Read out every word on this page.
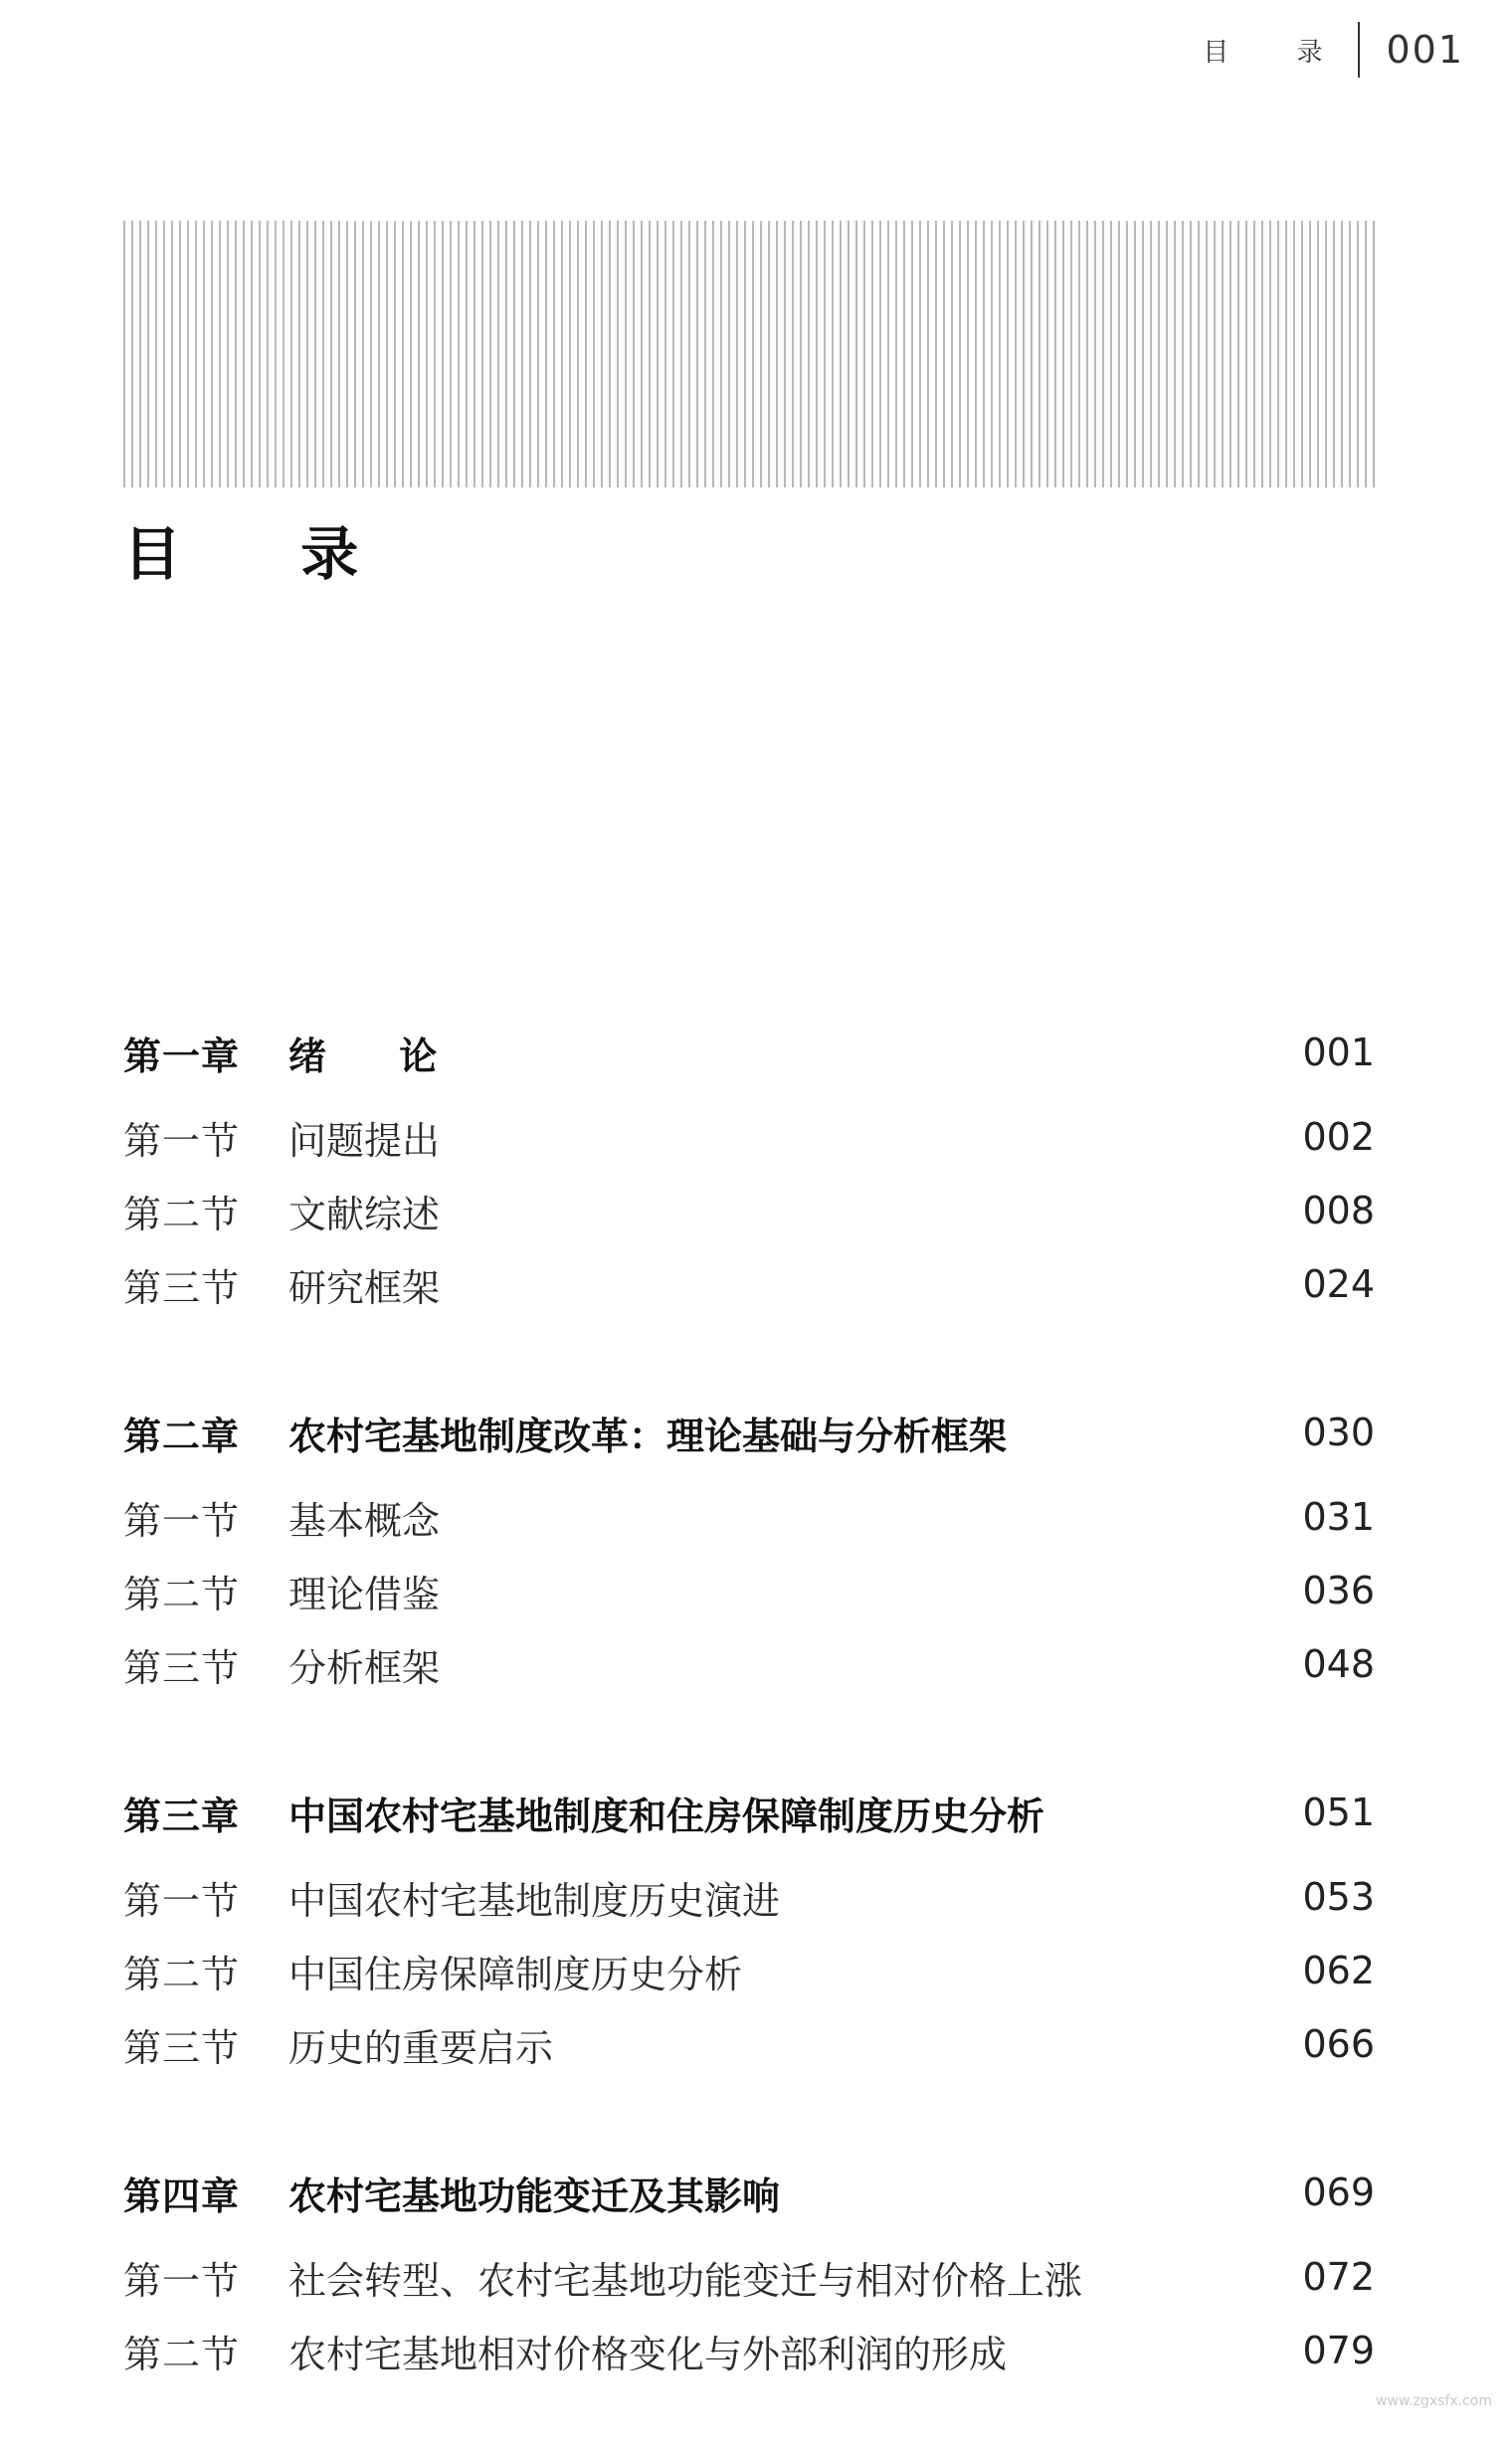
目 录 001
目 录
第一章	绪 论	001
第一节	问题提出	002
第二节	文献综述	008
第三节	研究框架	024
第二章	农村宅基地制度改革：理论基础与分析框架	030
第一节	基本概念	031
第二节	理论借鉴	036
第三节	分析框架	048
第三章	中国农村宅基地制度和住房保障制度历史分析	051
第一节	中国农村宅基地制度历史演进	053
第二节	中国住房保障制度历史分析	062
第三节	历史的重要启示	066
第四章	农村宅基地功能变迁及其影响	069
第一节	社会转型、农村宅基地功能变迁与相对价格上涨	072
第二节	农村宅基地相对价格变化与外部利润的形成	079
www.zgxsfx.com
